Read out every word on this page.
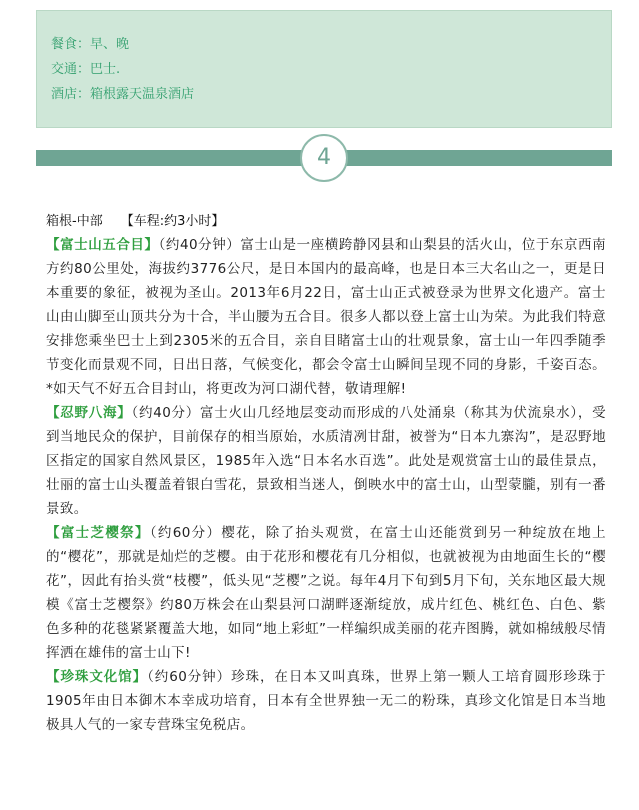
餐食：早、晚
交通：巴士.
酒店：箱根露天温泉酒店
4
箱根-中部 【车程:约3小时】

【富士山五合目】（约40分钟）富士山是一座横跨静冈县和山梨县的活火山，位于东京西南方约80公里处，海拔约3776公尺，是日本国内的最高峰，也是日本三大名山之一，更是日本重要的象征，被视为圣山。2013年6月22日，富士山正式被登录为世界文化遗产。富士山由山脚至山顶共分为十合，半山腰为五合目。很多人都以登上富士山为荣。为此我们特意安排您乘坐巴士上到2305米的五合目，亲自目睹富士山的壮观景象，富士山一年四季随季节变化而景观不同，日出日落，气候变化，都会令富士山瞬间呈现不同的身影，千姿百态。*如天气不好五合目封山，将更改为河口湖代替，敬请理解!

【忍野八海】（约40分）富士火山几经地层变动而形成的八处涌泉（称其为伏流泉水），受到当地民众的保护，目前保存的相当原始，水质清冽甘甜，被誉为“日本九寨沟”，是忍野地区指定的国家自然风景区，1985年入选“日本名水百选”。此处是观赏富士山的最佳景点，壮丽的富士山头覆盖着银白雪花，景致相当迷人，倒映水中的富士山，山型蒙朧，别有一番景致。

【富士芝樱祭】（约60分）樱花，除了抬头观赏，在富士山还能赏到另一种绽放在地上的“樱花”，那就是灿烂的芝樱。由于花形和樱花有几分相似，也就被视为由地面生长的“樱花”，因此有抬头赏“枝樱”，低头见“芝樱”之说。每年4月下旬到5月下旬，关东地区最大规模《富士芝樱祭》约80万株会在山梨县河口湖畔逐渐绽放，成片红色、桃红色、白色、紫色多种的花毯紧紧覆盖大地，如同“地上彩虹”一样编织成美丽的花卉图腾，就如棉绒般尽情挥洒在雄伟的富士山下!

【珍珠文化馆】（约60分钟）珍珠，在日本又叫真珠，世界上第一颗人工培育圆形珍珠于1905年由日本御木本幸成功培育，日本有全世界独一无二的粉珠，真珍文化馆是日本当地极具人气的一家专营珠宝免税店。
